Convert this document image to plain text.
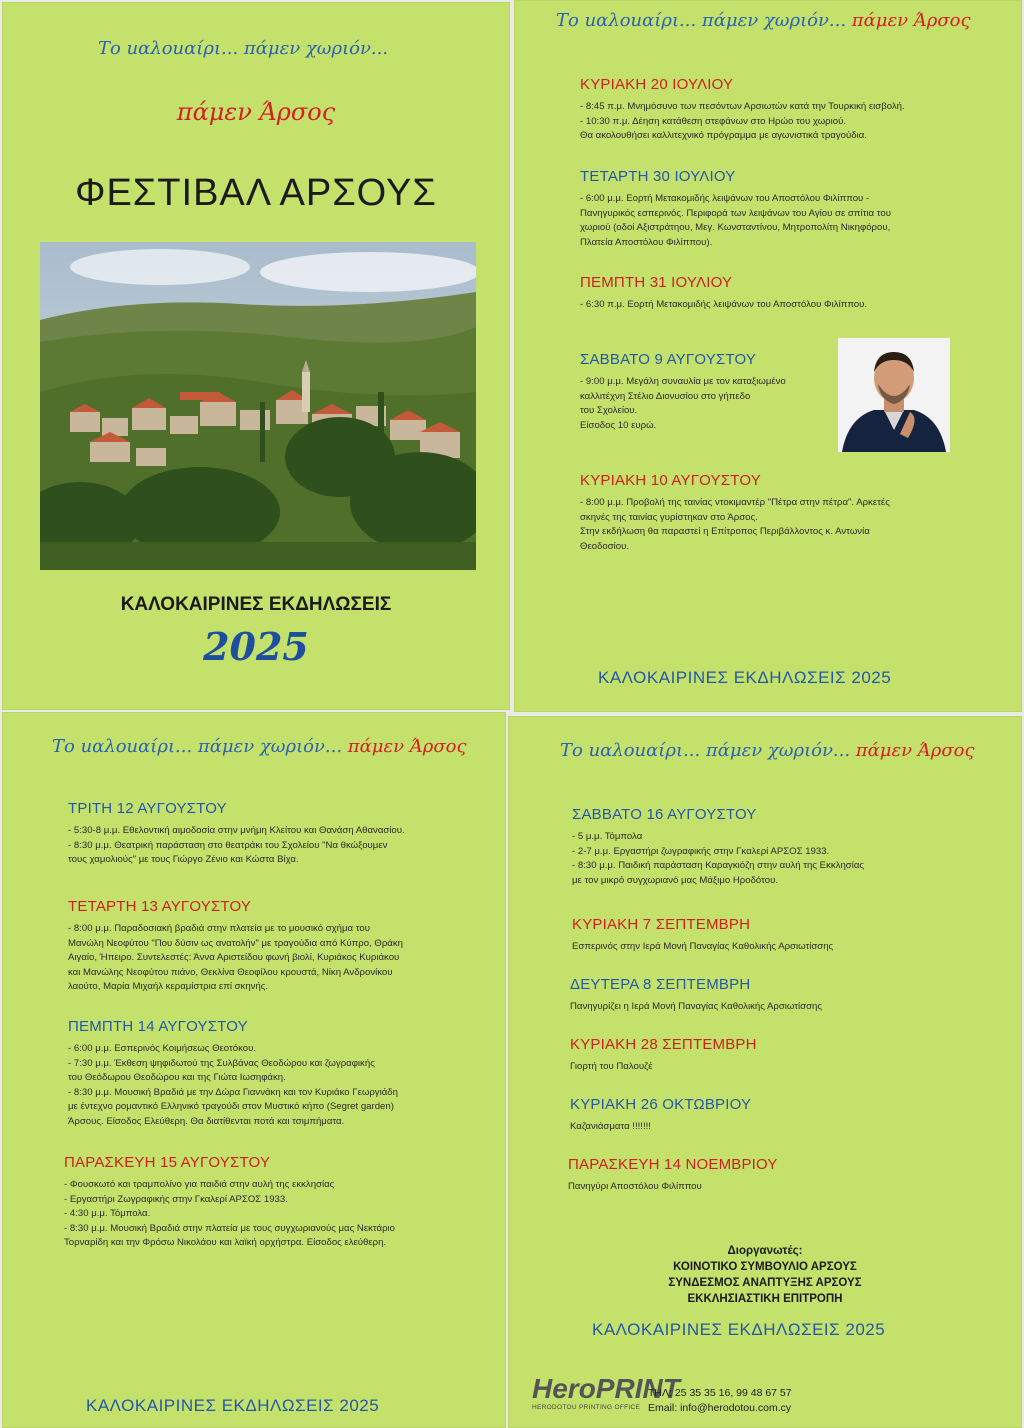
Το uαλοuαίρι... πάμεν χωριόν...
πάμεν Άρσος
ΦΕΣΤΙΒΑΛ ΑΡΣΟΥΣ
ΚΑΛΟΚΑΙΡΙΝΕΣ ΕΚΔΗΛΩΣΕΙΣ
2025
Το uαλοuαίρι... πάμεν χωριόν... πάμεν Άρσος
ΚΥΡΙΑΚΗ 20 ΙΟΥΛΙΟΥ
- 8:45 π.μ. Μνημόσυνο των πεσόντων Αρσιωτών κατά την Τουρκική εισβολή.
- 10:30 π.μ. Δέηση κατάθεση στεφάνων στο Ηρώο του χωριού.
Θα ακολουθήσει καλλιτεχνικό πρόγραμμα με αγωνιστικά τραγούδια.
ΤΕΤΑΡΤΗ 30 ΙΟΥΛΙΟΥ
- 6:00 μ.μ. Εορτή Μετακομιδής λειψάνων του Αποστόλου Φιλίππου -
Πανηγυρικός εσπερινός. Περιφορά των λειψάνων του Αγίου σε σπίτια του
χωριού (οδοί Αξιστράτηου, Μεγ. Κωνσταντίνου, Μητροπολίτη Νικηφόρου,
Πλατεία Αποστόλου Φιλίππου).
ΠΕΜΠΤΗ 31 ΙΟΥΛΙΟΥ
- 6:30 π.μ. Εορτή Μετακομιδής λειψάνων του Αποστόλου Φιλίππου.
ΣΑΒΒΑΤΟ 9 ΑΥΓΟΥΣΤΟΥ
- 9:00 μ.μ. Μεγάλη συναυλία με τον καταξιωμένο
καλλιτέχνη Στέλιο Διονυσίου στο γήπεδο
του Σχολείου.
Είσοδος 10 ευρώ.
ΚΥΡΙΑΚΗ 10 ΑΥΓΟΥΣΤΟΥ
- 8:00 μ.μ. Προβολή της ταινίας ντοκιμαντέρ "Πέτρα στην πέτρα". Αρκετές
σκηνές της ταινίας γυρίστηκαν στο Άρσος.
Στην εκδήλωση θα παραστεί η Επίτροπος Περιβάλλοντος κ. Αντωνία
Θεοδοσίου.
ΚΑΛΟΚΑΙΡΙΝΕΣ ΕΚΔΗΛΩΣΕΙΣ 2025
Το uαλοuαίρι... πάμεν χωριόν... πάμεν Άρσος
ΤΡΙΤΗ 12 ΑΥΓΟΥΣΤΟΥ
- 5:30-8 μ.μ. Εθελοντική αιμοδοσία στην μνήμη Κλείτου και Θανάση Αθανασίου.
- 8:30 μ.μ. Θεατρική παράσταση στο θεατράκι του Σχολείου "Να θκώξουμεν
τους χαμολιούς" με τους Γιώργο Ζένιο και Κώστα Βίχα.
ΤΕΤΑΡΤΗ 13 ΑΥΓΟΥΣΤΟΥ
- 8:00 μ.μ. Παραδοσιακή βραδιά στην πλατεία με το μουσικό σχήμα του
Μανώλη Νεοφύτου "Που δύσιν ως ανατολήν" με τραγούδια από Κύπρο, Θράκη
Αιγαίο, Ήπειρο. Συντελεστές: Άννα Αριστείδου φωνή βιολί, Κυριάκος Κυριάκου
και Μανώλης Νεοφύτου πιάνο, Θεκλίνα Θεοφίλου κρουστά, Νίκη Ανδρονίκου
λαούτο, Μαρία Μιχαήλ κεραμίστρια επί σκηνής.
ΠΕΜΠΤΗ 14 ΑΥΓΟΥΣΤΟΥ
- 6:00 μ.μ. Εσπερινός Κοιμήσεως Θεοτόκου.
- 7:30 μ.μ. Έκθεση ψηφιδωτού της Συλβάνας Θεοδώρου και ζωγραφικής
του Θεόδωρου Θεοδώρου και της Γιώτα Ιωσηφάκη.
- 8:30 μ.μ. Μουσική Βραδιά με την Δώρα Γιαννάκη και τον Κυριάκο Γεωργιάδη
με έντεχνο ρομαντικό Ελληνικό τραγούδι στον Μυστικό κήπο (Segret garden)
Άρσους. Είσοδος Ελεύθερη. Θα διατίθενται ποτά και τσιμπήματα.
ΠΑΡΑΣΚΕΥΗ 15 ΑΥΓΟΥΣΤΟΥ
- Φουσκωτό και τραμπολίνο για παιδιά στην αυλή της εκκλησίας
- Εργαστήρι Ζωγραφικής στην Γκαλερί ΑΡΣΟΣ 1933.
- 4:30 μ.μ. Τόμπολα.
- 8:30 μ.μ. Μουσική Βραδιά στην πλατεία με τους συγχωριανούς μας Νεκτάριο
Τορναρίδη και την Φρόσω Νικολάου και λαϊκή ορχήστρα. Είσοδος ελεύθερη.
ΚΑΛΟΚΑΙΡΙΝΕΣ ΕΚΔΗΛΩΣΕΙΣ 2025
Το uαλοuαίρι... πάμεν χωριόν... πάμεν Άρσος
ΣΑΒΒΑΤΟ 16 ΑΥΓΟΥΣΤΟΥ
- 5 μ.μ. Τόμπολα
- 2-7 μ.μ. Εργαστήρι ζωγραφικής στην Γκαλερί ΑΡΣΟΣ 1933.
- 8:30 μ.μ. Παιδική παράσταση Καραγκιόζη στην αυλή της Εκκλησίας
με τον μικρό συγχωριανό μας Μάξιμο Ηροδότου.
ΚΥΡΙΑΚΗ 7 ΣΕΠΤΕΜΒΡΗ
Εσπερινός στην Ιερά Μονή Παναγίας Καθολικής Αρσιωτίσσης
ΔΕΥΤΕΡΑ 8 ΣΕΠΤΕΜΒΡΗ
Πανηγυρίζει η Ιερά Μονή Παναγίας Καθολικής Αρσιωτίσσης
ΚΥΡΙΑΚΗ 28 ΣΕΠΤΕΜΒΡΗ
Γιορτή του Παλουζέ
ΚΥΡΙΑΚΗ 26 ΟΚΤΩΒΡΙΟΥ
Καζανιάσματα !!!!!!!
ΠΑΡΑΣΚΕΥΗ 14 ΝΟΕΜΒΡΙΟΥ
Πανηγύρι Αποστόλου Φιλίππου
Διοργανωτές:
ΚΟΙΝΟΤΙΚΟ ΣΥΜΒΟΥΛΙΟ ΑΡΣΟΥΣ
ΣΥΝΔΕΣΜΟΣ ΑΝΑΠΤΥΞΗΣ ΑΡΣΟΥΣ
ΕΚΚΛΗΣΙΑΣΤΙΚΗ ΕΠΙΤΡΟΠΗ
ΚΑΛΟΚΑΙΡΙΝΕΣ ΕΚΔΗΛΩΣΕΙΣ 2025
HeroPRINT
HERODOTOU PRINTING OFFICE
ΤΗΛ: 25 35 35 16, 99 48 67 57
Email: info@herodotou.com.cy
